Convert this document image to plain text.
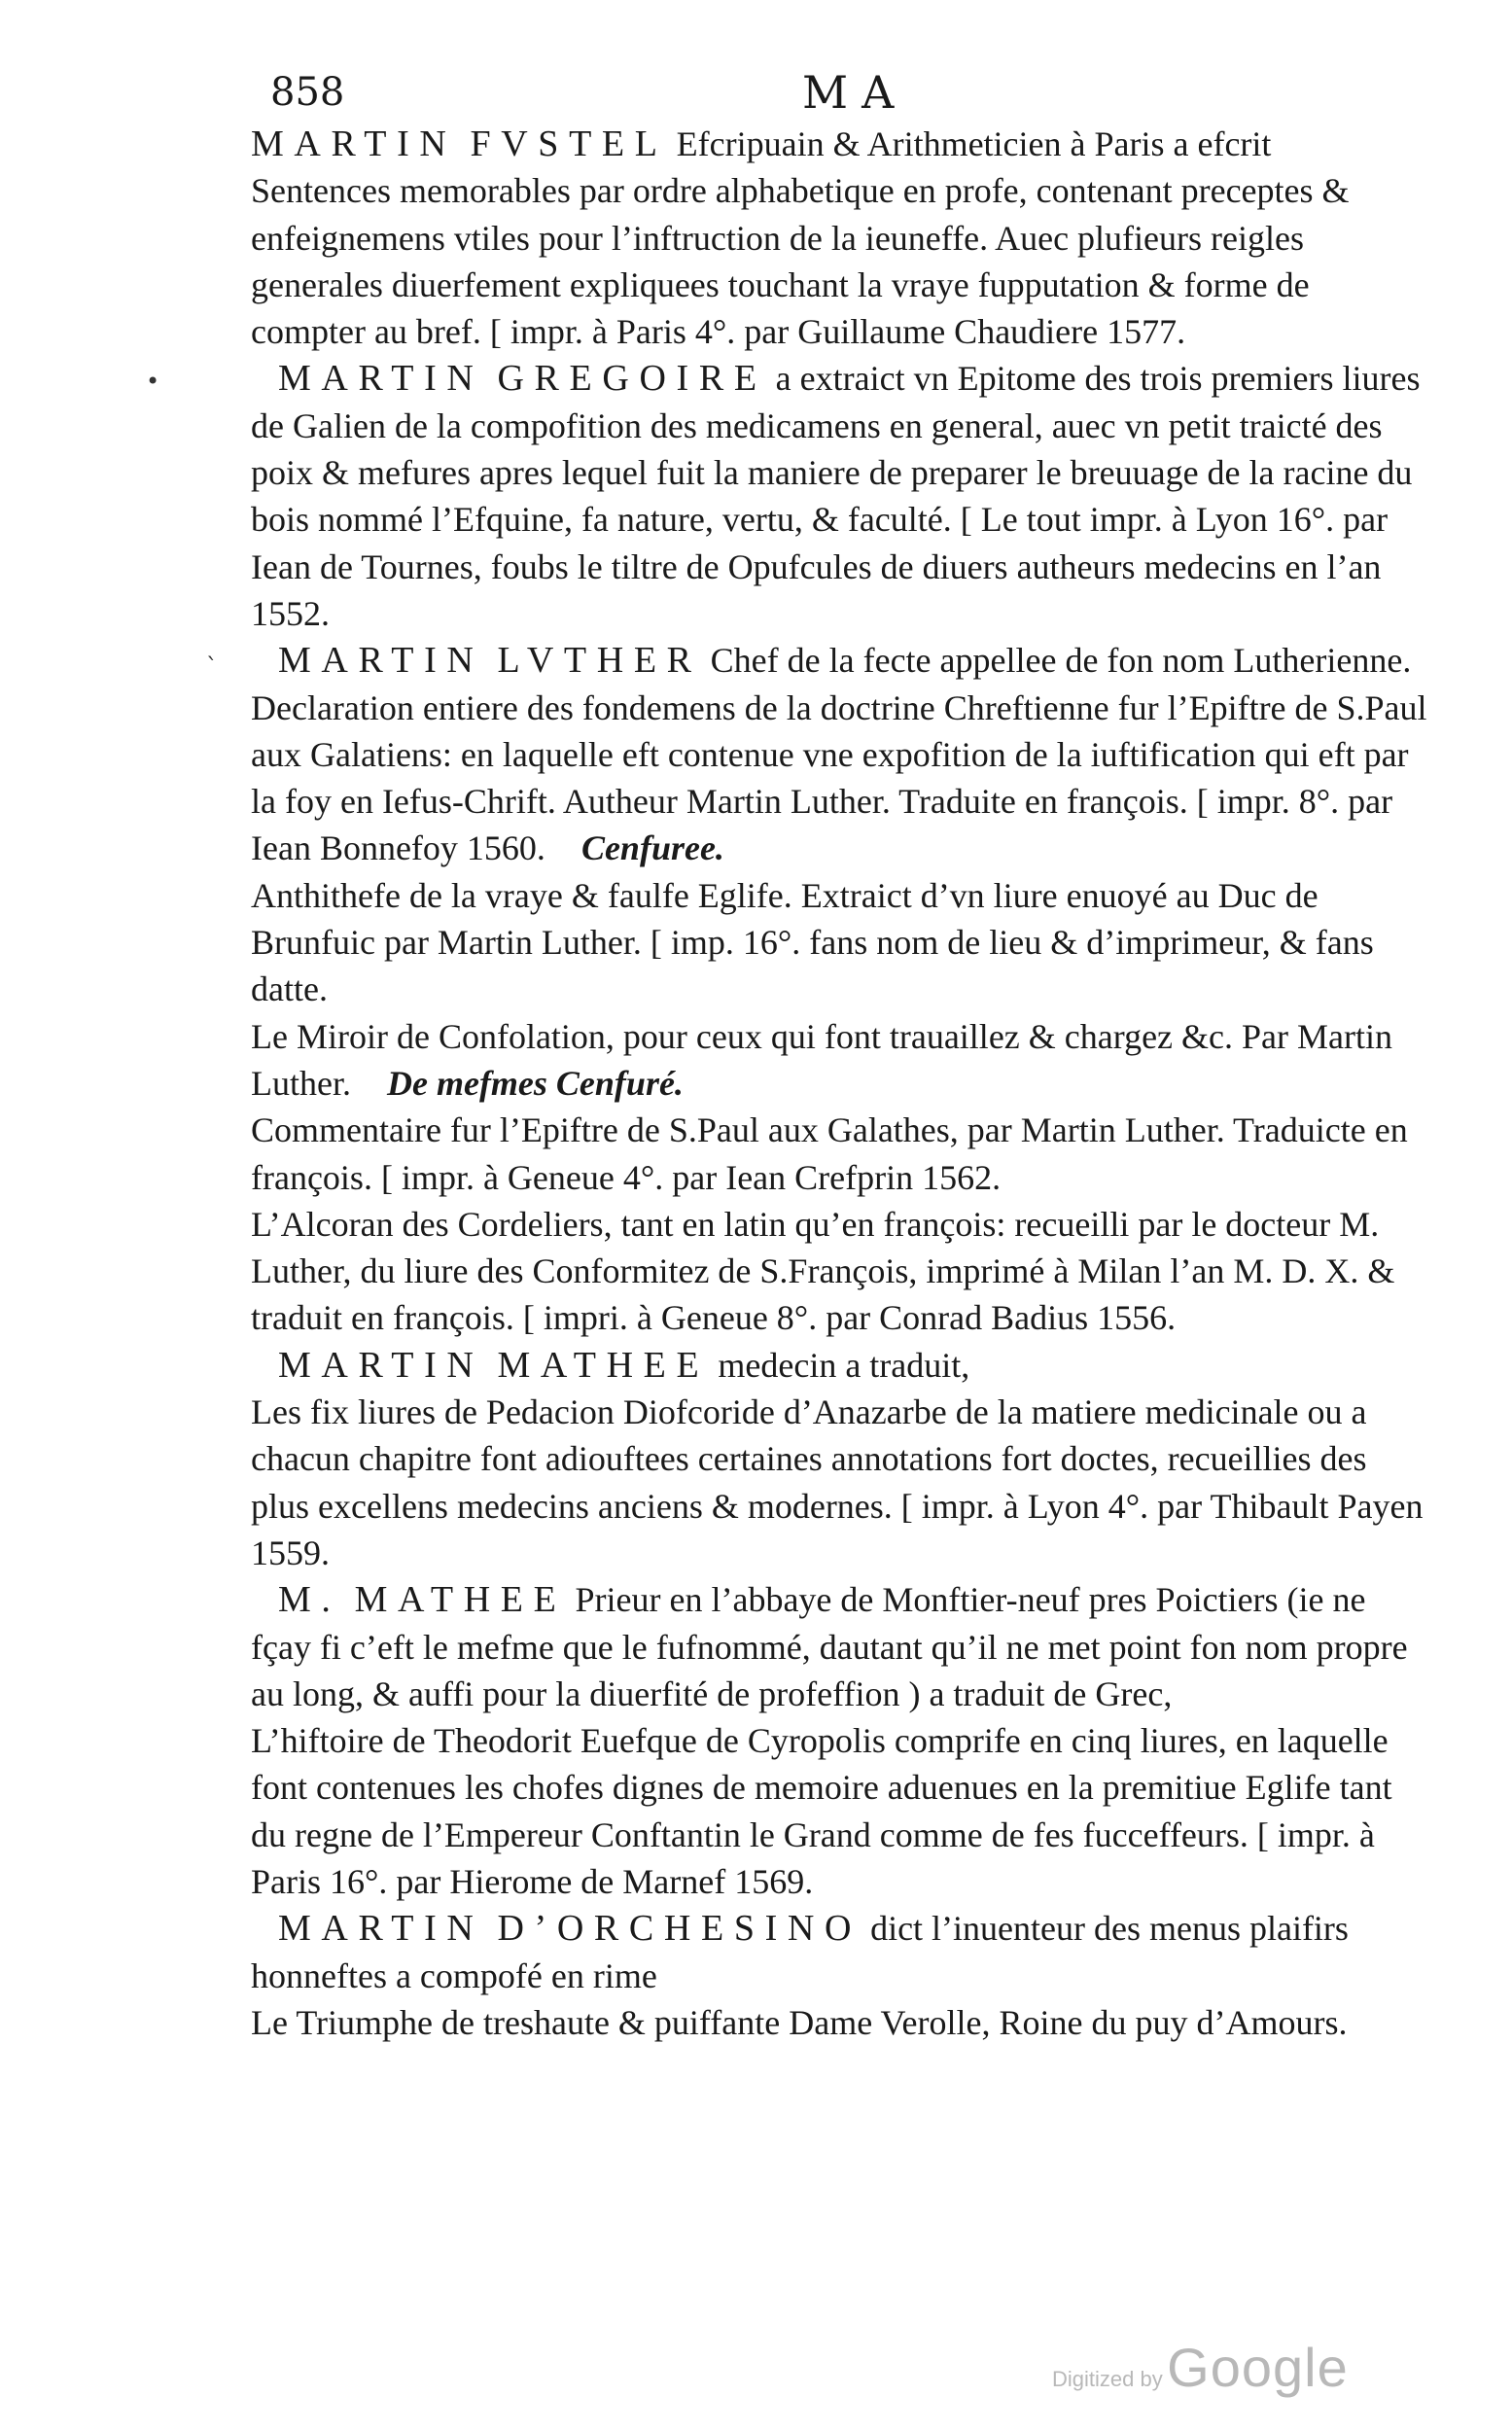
858	MA

MARTIN FVSTEL Efcripuain & Arithmeticien à Paris a efcrit

Sentences memorables par ordre alphabetique en profe, contenant preceptes & enfeignemens vtiles pour l’inftruction de la ieuneffe. Auec plufieurs reigles generales diuerfement expliquees touchant la vraye fupputation & forme de compter au bref. [ impr. à Paris 4°. par Guillaume Chaudiere 1577.

MARTIN GREGOIRE a extraict vn Epitome des trois premiers liures de Galien de la compofition des medicamens en general, auec vn petit traicté des poix & mefures apres lequel fuit la maniere de preparer le breuuage de la racine du bois nommé l’Efquine, fa nature, vertu, & faculté. [ Le tout impr. à Lyon 16°. par Iean de Tournes, foubs le tiltre de Opufcules de diuers autheurs medecins en l’an 1552.

MARTIN LVTHER Chef de la fecte appellee de fon nom Lutherienne.

Declaration entiere des fondemens de la doctrine Chreftienne fur l’Epiftre de S.Paul aux Galatiens: en laquelle eft contenue vne expofition de la iuftification qui eft par la foy en Iefus-Chrift. Autheur Martin Luther. Traduite en françois. [ impr. 8°. par Iean Bonnefoy 1560. Cenfuree.

Anthithefe de la vraye & faulfe Eglife. Extraict d’vn liure enuoyé au Duc de Brunfuic par Martin Luther. [ imp. 16°. fans nom de lieu & d’imprimeur, & fans datte.

Le Miroir de Confolation, pour ceux qui font trauaillez & chargez &c. Par Martin Luther. De mefmes Cenfuré.

Commentaire fur l’Epiftre de S.Paul aux Galathes, par Martin Luther. Traduicte en françois. [ impr. à Geneue 4°. par Iean Crefprin 1562.

L’Alcoran des Cordeliers, tant en latin qu’en françois: recueilli par le docteur M. Luther, du liure des Conformitez de S.François, imprimé à Milan l’an M. D. X. & traduit en françois. [ impri. à Geneue 8°. par Conrad Badius 1556.

MARTIN MATHEE medecin a traduit,

Les fix liures de Pedacion Diofcoride d’Anazarbe de la matiere medicinale ou a chacun chapitre font adiouftees certaines annotations fort doctes, recueillies des plus excellens medecins anciens & modernes. [ impr. à Lyon 4°. par Thibault Payen 1559.

M. MATHEE Prieur en l’abbaye de Monftier-neuf pres Poictiers (ie ne fçay fi c’eft le mefme que le fufnommé, dautant qu’il ne met point fon nom propre au long, & auffi pour la diuerfité de profeffion ) a traduit de Grec,

L’hiftoire de Theodorit Euefque de Cyropolis comprife en cinq liures, en laquelle font contenues les chofes dignes de memoire aduenues en la premitiue Eglife tant du regne de l’Empereur Conftantin le Grand comme de fes fucceffeurs. [ impr. à Paris 16°. par Hierome de Marnef 1569.

MARTIN D’ORCHESINO dict l’inuenteur des menus plaifirs honneftes a compofé en rime

Le Triumphe de treshaute & puiffante Dame Verolle, Roine du puy d’Amours.

•
ˋ
Digitized by Google
